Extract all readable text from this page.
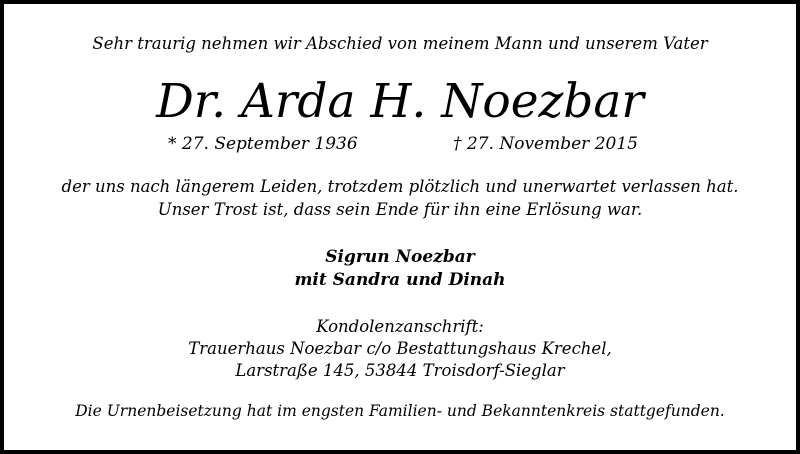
Sehr traurig nehmen wir Abschied von meinem Mann und unserem Vater
Dr. Arda H. Noezbar
* 27. September 1936	† 27. November 2015
der uns nach längerem Leiden, trotzdem plötzlich und unerwartet verlassen hat.
Unser Trost ist, dass sein Ende für ihn eine Erlösung war.
Sigrun Noezbar
mit Sandra und Dinah
Kondolenzanschrift:
Trauerhaus Noezbar c/o Bestattungshaus Krechel,
Larstraße 145, 53844 Troisdorf-Sieglar
Die Urnenbeisetzung hat im engsten Familien- und Bekanntenkreis stattgefunden.
